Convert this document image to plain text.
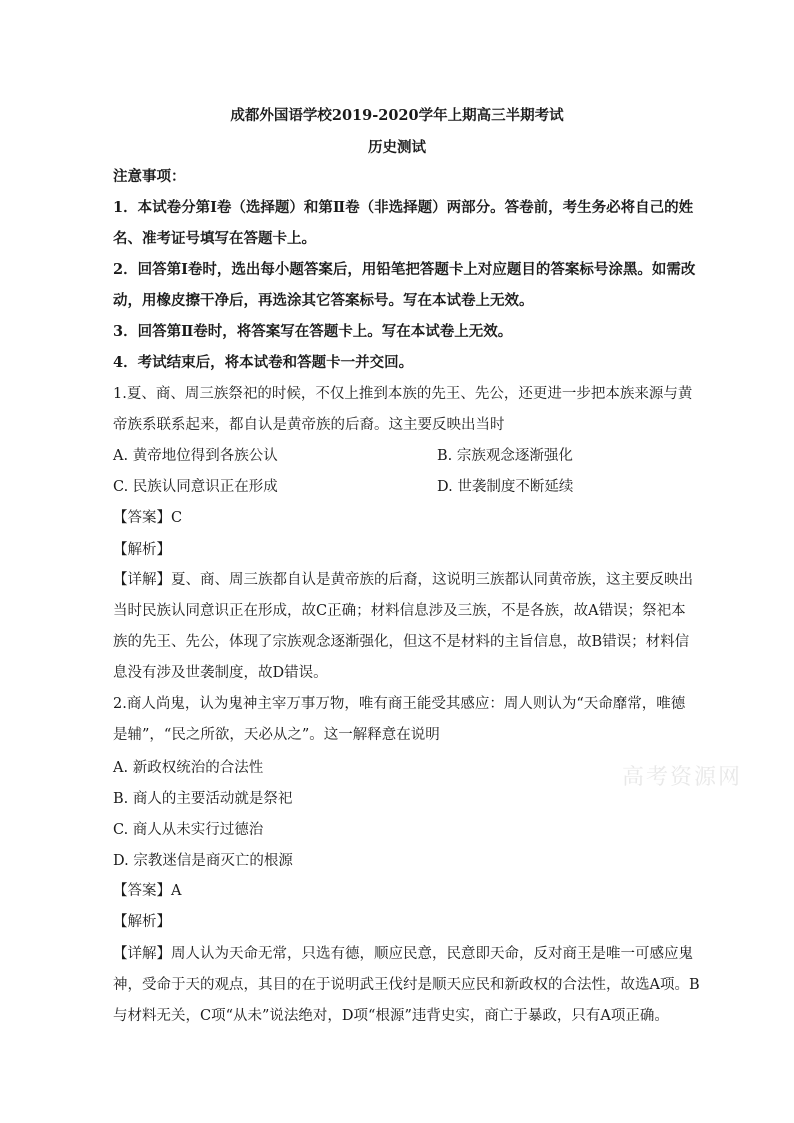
成都外国语学校2019-2020学年上期高三半期考试
历史测试
注意事项：
1．本试卷分第Ⅰ卷（选择题）和第Ⅱ卷（非选择题）两部分。答卷前，考生务必将自己的姓
名、准考证号填写在答题卡上。
2．回答第Ⅰ卷时，选出每小题答案后，用铅笔把答题卡上对应题目的答案标号涂黑。如需改
动，用橡皮擦干净后，再选涂其它答案标号。写在本试卷上无效。
3．回答第Ⅱ卷时，将答案写在答题卡上。写在本试卷上无效。
4．考试结束后，将本试卷和答题卡一并交回。
1.夏、商、周三族祭祀的时候，不仅上推到本族的先王、先公，还更进一步把本族来源与黄
帝族系联系起来，都自认是黄帝族的后裔。这主要反映出当时
A. 黄帝地位得到各族公认	B. 宗族观念逐渐强化
C. 民族认同意识正在形成	D. 世袭制度不断延续
【答案】C
【解析】
【详解】夏、商、周三族都自认是黄帝族的后裔，这说明三族都认同黄帝族，这主要反映出
当时民族认同意识正在形成，故C正确；材料信息涉及三族，不是各族，故A错误；祭祀本
族的先王、先公，体现了宗族观念逐渐强化，但这不是材料的主旨信息，故B错误；材料信
息没有涉及世袭制度，故D错误。
2.商人尚鬼，认为鬼神主宰万事万物，唯有商王能受其感应：周人则认为“天命靡常，唯德
是辅”，“民之所欲，天必从之”。这一解释意在说明
A. 新政权统治的合法性
B. 商人的主要活动就是祭祀
C. 商人从未实行过德治
D. 宗教迷信是商灭亡的根源
【答案】A
【解析】
【详解】周人认为天命无常，只选有德，顺应民意，民意即天命，反对商王是唯一可感应鬼
神，受命于天的观点，其目的在于说明武王伐纣是顺天应民和新政权的合法性，故选A项。B
与材料无关，C项“从未”说法绝对，D项“根源”违背史实，商亡于暴政，只有A项正确。
高考资源网
